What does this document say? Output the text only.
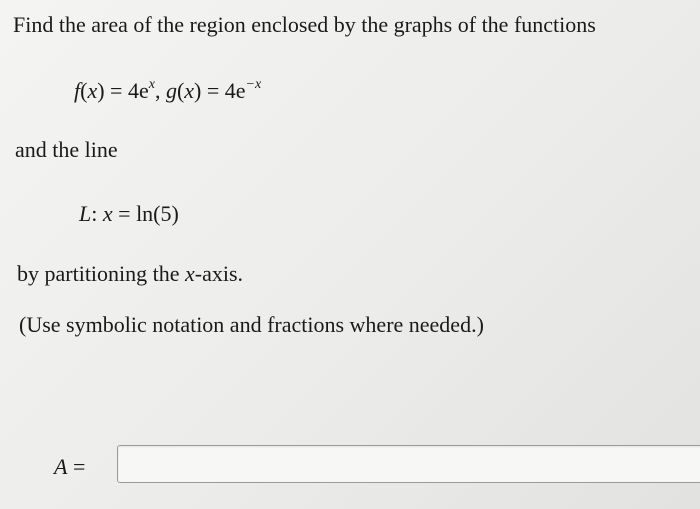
Find the area of the region enclosed by the graphs of the functions
$f(x) = 4e^x$, $g(x) = 4e^{-x}$
and the line
L: x = ln(5)
by partitioning the x-axis.
(Use symbolic notation and fractions where needed.)
A =
